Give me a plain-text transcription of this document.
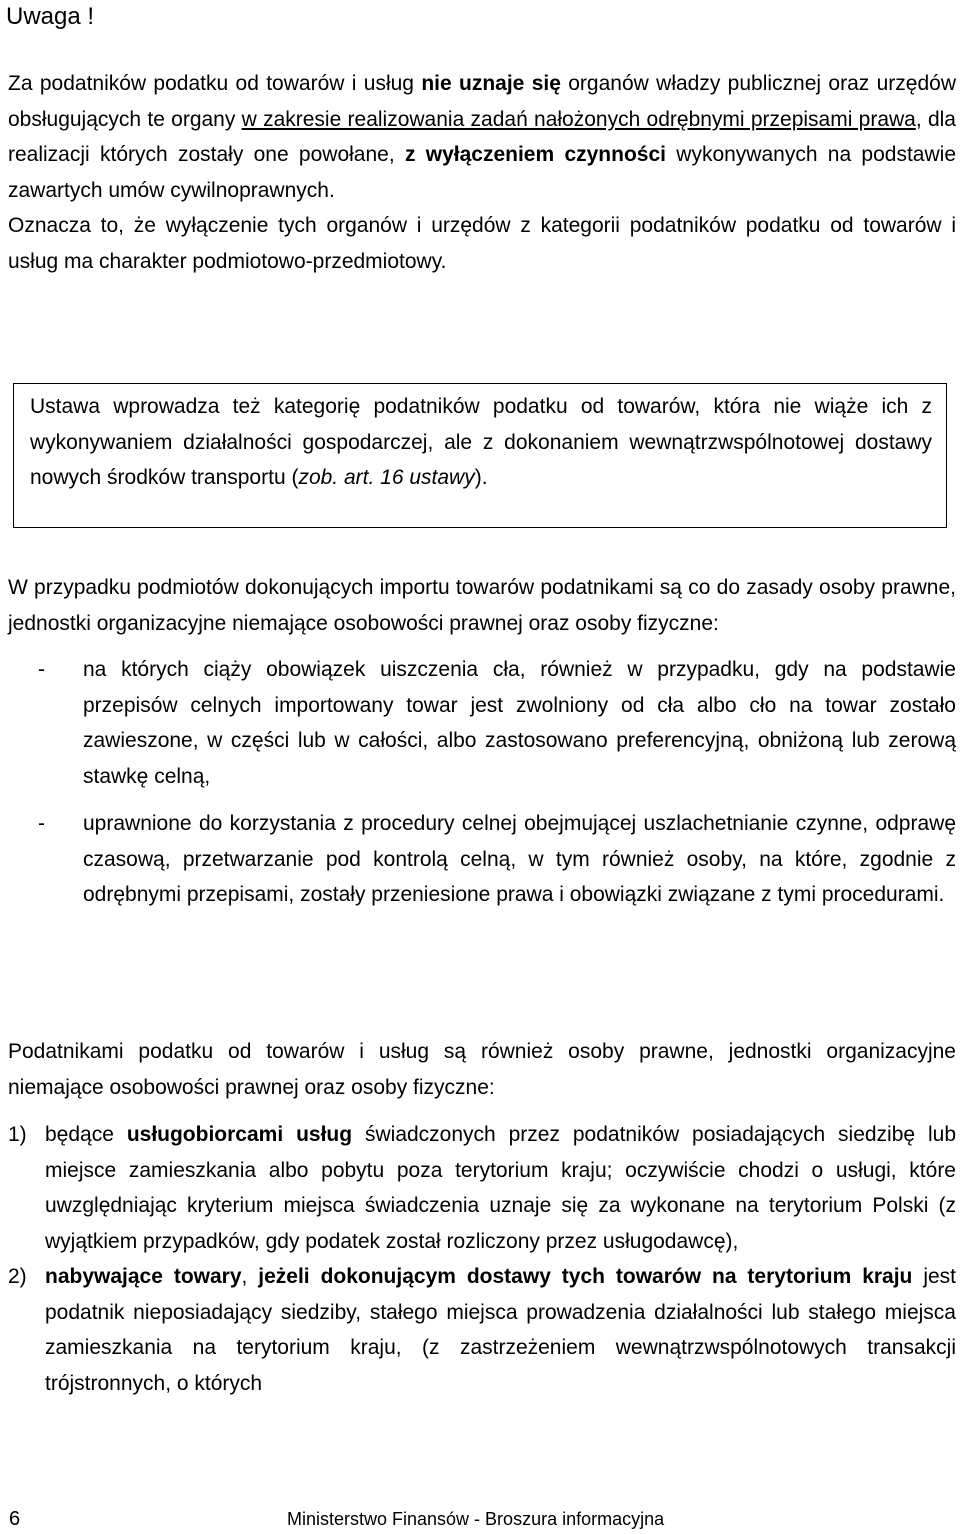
Uwaga !

Za podatników podatku od towarów i usług nie uznaje się organów władzy publicznej oraz urzędów obsługujących te organy w zakresie realizowania zadań nałożonych odrębnymi przepisami prawa, dla realizacji których zostały one powołane, z wyłączeniem czynności wykonywanych na podstawie zawartych umów cywilnoprawnych.

Oznacza to, że wyłączenie tych organów i urzędów z kategorii podatników podatku od towarów i usług ma charakter podmiotowo-przedmiotowy.

Ustawa wprowadza też kategorię podatników podatku od towarów, która nie wiąże ich z wykonywaniem działalności gospodarczej, ale z dokonaniem wewnątrzwspólnotowej dostawy nowych środków transportu (zob. art. 16 ustawy).

W przypadku podmiotów dokonujących importu towarów podatnikami są co do zasady osoby prawne, jednostki organizacyjne niemające osobowości prawnej oraz osoby fizyczne:

- na których ciąży obowiązek uiszczenia cła, również w przypadku, gdy na podstawie przepisów celnych importowany towar jest zwolniony od cła albo cło na towar zostało zawieszone, w części lub w całości, albo zastosowano preferencyjną, obniżoną lub zerową stawkę celną,
- uprawnione do korzystania z procedury celnej obejmującej uszlachetnianie czynne, odprawę czasową, przetwarzanie pod kontrolą celną, w tym również osoby, na które, zgodnie z odrębnymi przepisami, zostały przeniesione prawa i obowiązki związane z tymi procedurami.

Podatnikami podatku od towarów i usług są również osoby prawne, jednostki organizacyjne niemające osobowości prawnej oraz osoby fizyczne:

1) będące usługobiorcami usług świadczonych przez podatników posiadających siedzibę lub miejsce zamieszkania albo pobytu poza terytorium kraju; oczywiście chodzi o usługi, które uwzględniając kryterium miejsca świadczenia uznaje się za wykonane na terytorium Polski (z wyjątkiem przypadków, gdy podatek został rozliczony przez usługodawcę),
2) nabywające towary, jeżeli dokonującym dostawy tych towarów na terytorium kraju jest podatnik nieposiadający siedziby, stałego miejsca prowadzenia działalności lub stałego miejsca zamieszkania na terytorium kraju, (z zastrzeżeniem wewnątrzwspólnotowych transakcji trójstronnych, o których
6	Ministerstwo Finansów - Broszura informacyjna
